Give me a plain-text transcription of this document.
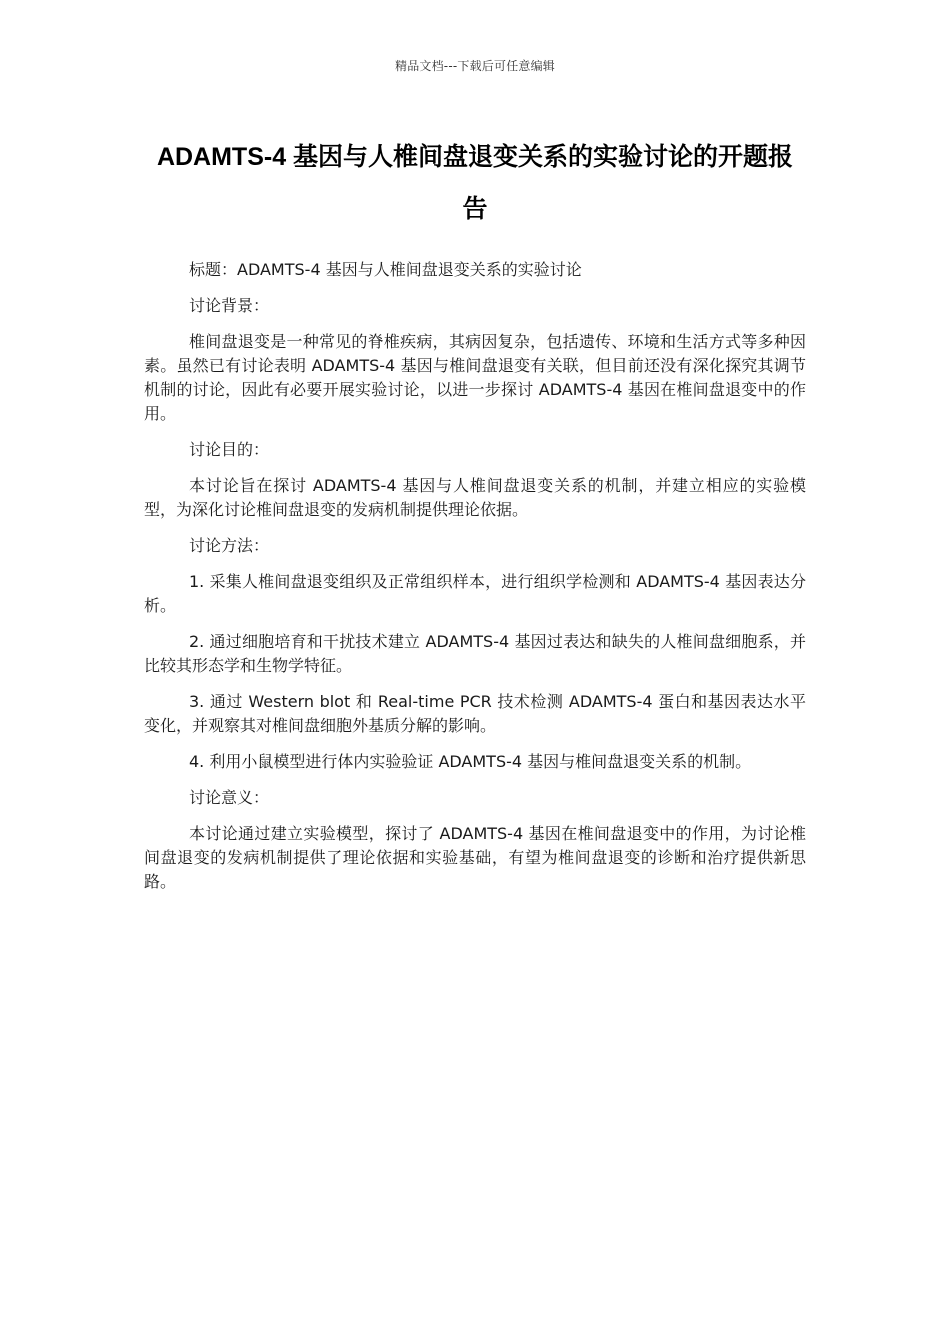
精品文档---下载后可任意编辑
ADAMTS-4 基因与人椎间盘退变关系的实验讨论的开题报告

标题：ADAMTS-4 基因与人椎间盘退变关系的实验讨论

讨论背景：

椎间盘退变是一种常见的脊椎疾病，其病因复杂，包括遗传、环境和生活方式等多种因素。虽然已有讨论表明 ADAMTS-4 基因与椎间盘退变有关联，但目前还没有深化探究其调节机制的讨论，因此有必要开展实验讨论，以进一步探讨 ADAMTS-4 基因在椎间盘退变中的作用。

讨论目的：

本讨论旨在探讨 ADAMTS-4 基因与人椎间盘退变关系的机制，并建立相应的实验模型，为深化讨论椎间盘退变的发病机制提供理论依据。

讨论方法：

1. 采集人椎间盘退变组织及正常组织样本，进行组织学检测和 ADAMTS-4 基因表达分析。

2. 通过细胞培育和干扰技术建立 ADAMTS-4 基因过表达和缺失的人椎间盘细胞系，并比较其形态学和生物学特征。

3. 通过 Western blot 和 Real-time PCR 技术检测 ADAMTS-4 蛋白和基因表达水平变化，并观察其对椎间盘细胞外基质分解的影响。

4. 利用小鼠模型进行体内实验验证 ADAMTS-4 基因与椎间盘退变关系的机制。

讨论意义：

本讨论通过建立实验模型，探讨了 ADAMTS-4 基因在椎间盘退变中的作用，为讨论椎间盘退变的发病机制提供了理论依据和实验基础，有望为椎间盘退变的诊断和治疗提供新思路。
